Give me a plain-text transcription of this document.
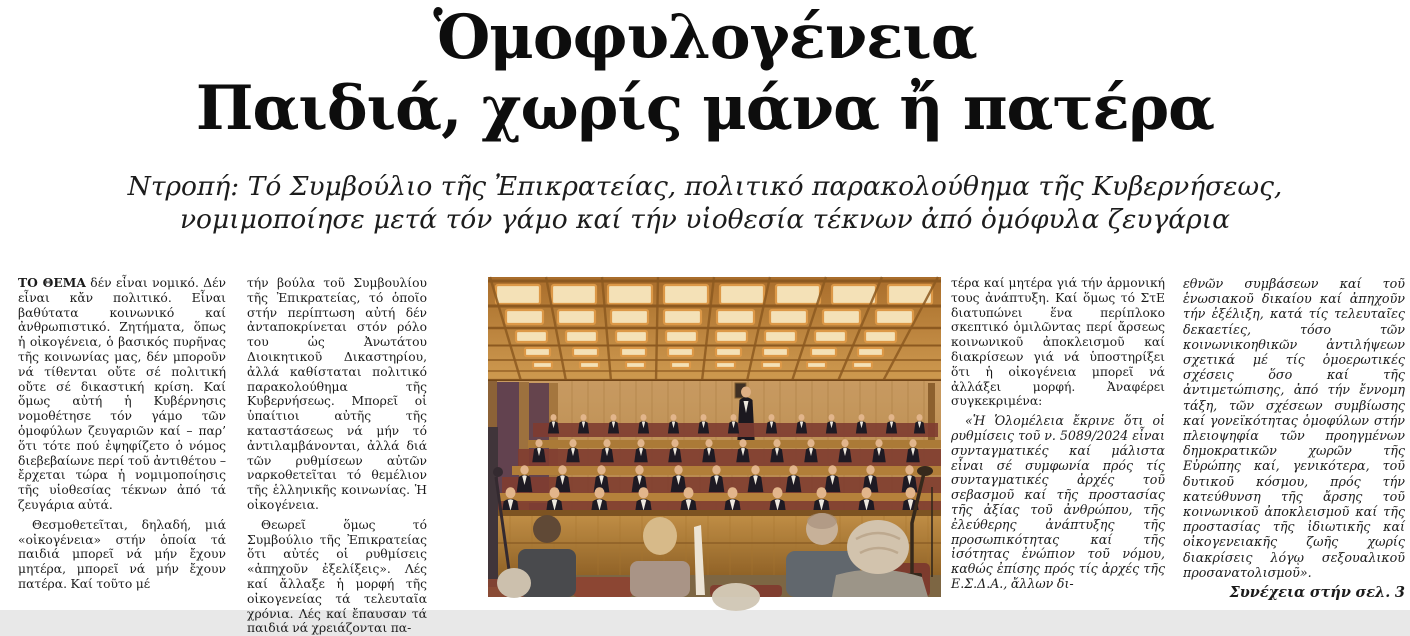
Ὁμοφυλογένεια
Παιδιά, χωρίς μάνα ἤ πατέρα
Ντροπή: Τό Συμβούλιο τῆς Ἐπικρατείας, πολιτικό παρακολούθημα τῆς Κυβερνήσεως,
νομιμοποίησε μετά τόν γάμο καί τήν υἱοθεσία τέκνων ἀπό ὁμόφυλα ζευγάρια

ΤΟ ΘΕΜΑ δέν εἶναι νομικό. Δέν εἶναι κἄν πολιτικό. Εἶναι βαθύτατα κοινωνικό καί ἀνθρωπιστικό. Ζητήματα, ὅπως ἡ οἰκογένεια, ὁ βασικός πυρῆνας τῆς κοινωνίας μας, δέν μποροῦν νά τίθενται οὔτε σέ πολιτική οὔτε σέ δικαστική κρίση. Καί ὅμως αὐτή ἡ Κυβέρνησις νομοθέτησε τόν γάμο τῶν ὁμοφύλων ζευγαριῶν καί – παρ’ ὅτι τότε πού ἐψηφίζετο ὁ νόμος διεβεβαίωνε περί τοῦ ἀντιθέτου – ἔρχεται τώρα ἡ νομιμοποίησις τῆς υἱοθεσίας τέκνων ἀπό τά ζευγάρια αὐτά.

Θεσμοθετεῖται, δηλαδή, μιά «οἰκογένεια» στήν ὁποία τά παιδιά μπορεῖ νά μήν ἔχουν μητέρα, μπορεῖ νά μήν ἔχουν πατέρα. Καί τοῦτο μέ

τήν βούλα τοῦ Συμβουλίου τῆς Ἐπικρατείας, τό ὁποῖο στήν περίπτωση αὐτή δέν ἀνταποκρίνεται στόν ρόλο του ὡς Ἀνωτάτου Διοικητικοῦ Δικαστηρίου, ἀλλά καθίσταται πολιτικό παρακολούθημα τῆς Κυβερνήσεως. Μπορεῖ οἱ ὑπαίτιοι αὐτῆς τῆς καταστάσεως νά μήν τό ἀντιλαμβάνονται, ἀλλά διά τῶν ρυθμίσεων αὐτῶν ναρκοθετεῖται τό θεμέλιον τῆς ἑλληνικῆς κοινωνίας. Ἡ οἰκογένεια.

Θεωρεῖ ὅμως τό Συμβούλιο τῆς Ἐπικρατείας ὅτι αὐτές οἱ ρυθμίσεις «ἀπηχοῦν ἐξελίξεις». Λές καί ἄλλαξε ἡ μορφή τῆς οἰκογενείας τά τελευταῖα χρόνια. Λές καί ἔπαυσαν τά παιδιά νά χρειάζονται πα-

τέρα καί μητέρα γιά τήν ἁρμονική τους ἀνάπτυξη. Καί ὅμως τό ΣτΕ διατυπώνει ἕνα περίπλοκο σκεπτικό ὁμιλῶντας περί ἄρσεως κοινωνικοῦ ἀποκλεισμοῦ καί διακρίσεων γιά νά ὑποστηρίξει ὅτι ἡ οἰκογένεια μπορεῖ νά ἀλλάξει μορφή. Ἀναφέρει συγκεκριμένα:

«Ἡ Ὁλομέλεια ἔκρινε ὅτι οἱ ρυθμίσεις τοῦ ν. 5089/2024 εἶναι συνταγματικές καί μάλιστα εἶναι σέ συμφωνία πρός τίς συνταγματικές ἀρχές τοῦ σεβασμοῦ καί τῆς προστασίας τῆς ἀξίας τοῦ ἀνθρώπου, τῆς ἐλεύθερης ἀνάπτυξης τῆς προσωπικότητας καί τῆς ἰσότητας ἐνώπιον τοῦ νόμου, καθώς ἐπίσης πρός τίς ἀρχές τῆς Ε.Σ.Δ.Α., ἄλλων δι-

εθνῶν συμβάσεων καί τοῦ ἑνωσιακοῦ δικαίου καί ἀπηχοῦν τήν ἐξέλιξη, κατά τίς τελευταῖες δεκαετίες, τόσο τῶν κοινωνικοηθικῶν ἀντιλήψεων σχετικά μέ τίς ὁμοερωτικές σχέσεις ὅσο καί τῆς ἀντιμετώπισης, ἀπό τήν ἔννομη τάξη, τῶν σχέσεων συμβίωσης καί γονεϊκότητας ὁμοφύλων στήν πλειοψηφία τῶν προηγμένων δημοκρατικῶν χωρῶν τῆς Εὐρώπης καί, γενικότερα, τοῦ δυτικοῦ κόσμου, πρός τήν κατεύθυνση τῆς ἄρσης τοῦ κοινωνικοῦ ἀποκλεισμοῦ καί τῆς προστασίας τῆς ἰδιωτικῆς καί οἰκογενειακῆς ζωῆς χωρίς διακρίσεις λόγῳ σεξουαλικοῦ προσανατολισμοῦ».

Συνέχεια στήν σελ. 3
